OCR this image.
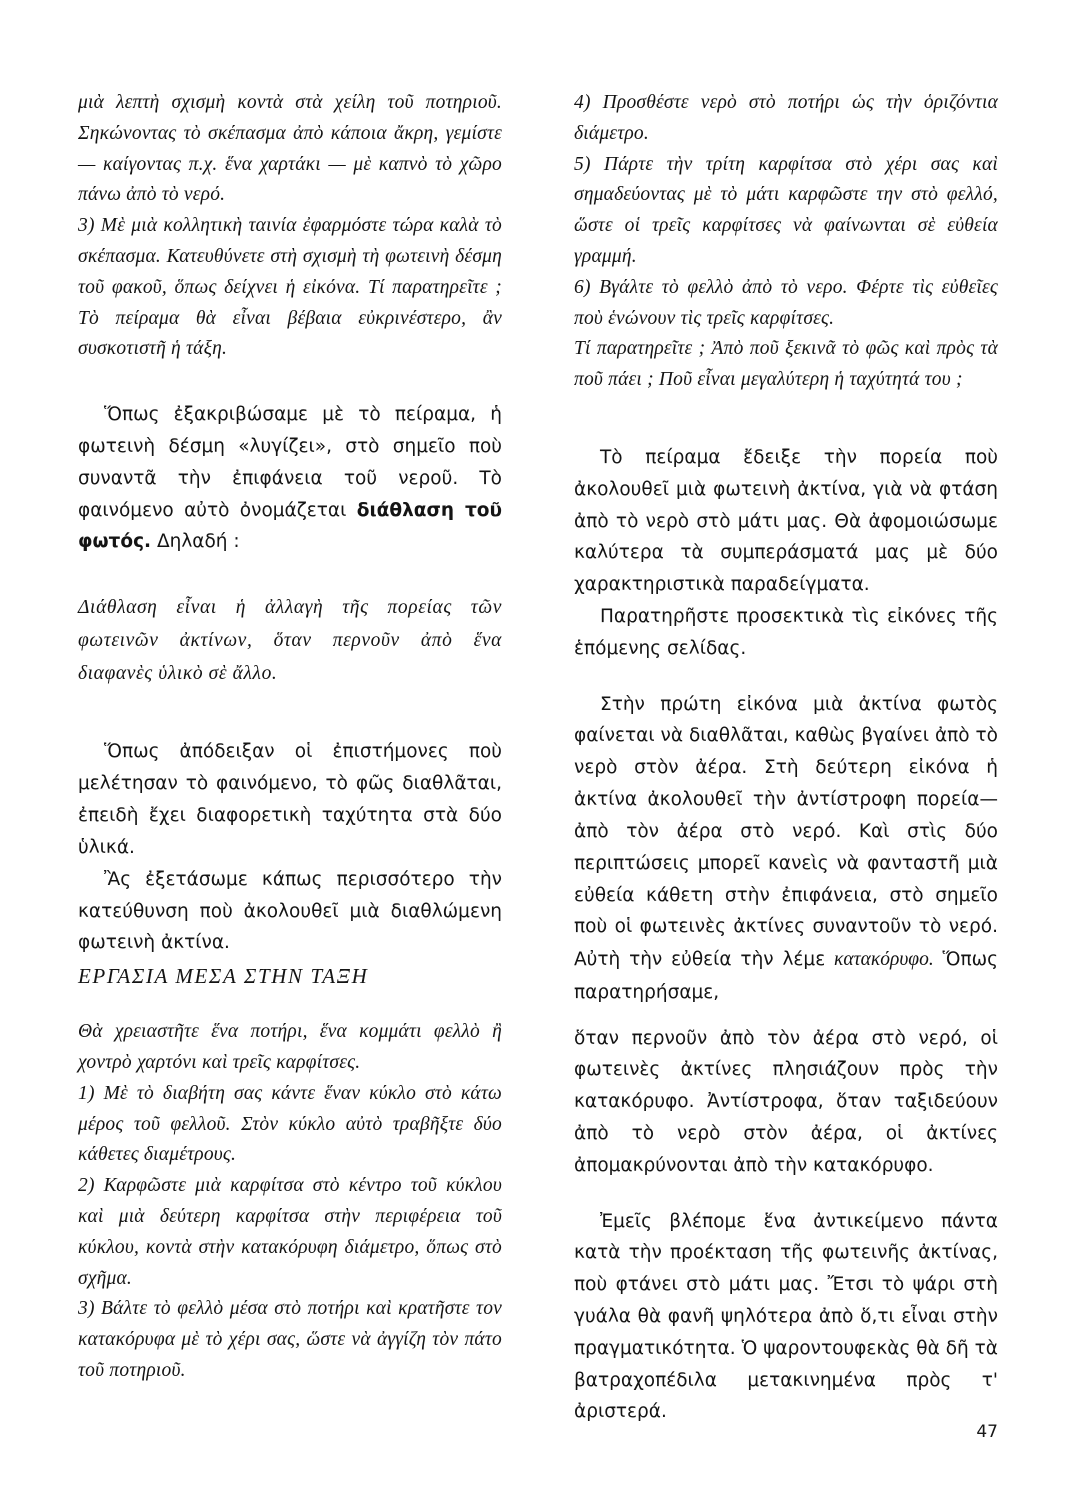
μιὰ λεπτὴ σχισμὴ κοντὰ στὰ χείλη τοῦ ποτηριοῦ. Σηκώνοντας τὸ σκέπασμα ἀπὸ κάποια ἄκρη, γεμίστε — καίγοντας π.χ. ἕνα χαρτάκι — μὲ καπνὸ τὸ χῶρο πάνω ἀπὸ τὸ νερό.

3) Μὲ μιὰ κολλητικὴ ταινία ἐφαρμόστε τώρα καλὰ τὸ σκέπασμα. Κατευθύνετε στὴ σχισμὴ τὴ φωτεινὴ δέσμη τοῦ φακοῦ, ὅπως δείχνει ἡ εἰκόνα. Τί παρατηρεῖτε ; Τὸ πείραμα θὰ εἶναι βέβαια εὐκρινέστερο, ἂν συσκοτιστῆ ἡ τάξη.

Ὅπως ἐξακριβώσαμε μὲ τὸ πείραμα, ἡ φωτεινὴ δέσμη «λυγίζει», στὸ σημεῖο ποὺ συναντᾶ τὴν ἐπιφάνεια τοῦ νεροῦ. Τὸ φαινόμενο αὐτὸ ὀνομάζεται διάθλαση τοῦ φωτός. Δηλαδή :

Διάθλαση εἶναι ἡ ἀλλαγὴ τῆς πορείας τῶν φωτεινῶν ἀκτίνων, ὅταν περνοῦν ἀπὸ ἕνα διαφανὲς ὑλικὸ σὲ ἄλλο.

Ὅπως ἀπόδειξαν οἱ ἐπιστήμονες ποὺ μελέτησαν τὸ φαινόμενο, τὸ φῶς διαθλᾶται, ἐπειδὴ ἔχει διαφορετικὴ ταχύτητα στὰ δύο ὑλικά.

Ἂς ἐξετάσωμε κάπως περισσότερο τὴν κατεύθυνση ποὺ ἀκολουθεῖ μιὰ διαθλώμενη φωτεινὴ ἀκτίνα.

ΕΡΓΑΣΙΑ ΜΕΣΑ ΣΤΗΝ ΤΑΞΗ

Θὰ χρειαστῆτε ἕνα ποτήρι, ἕνα κομμάτι φελλὸ ἢ χοντρὸ χαρτόνι καὶ τρεῖς καρφίτσες.

1) Μὲ τὸ διαβήτη σας κάντε ἕναν κύκλο στὸ κάτω μέρος τοῦ φελλοῦ. Στὸν κύκλο αὐτὸ τραβῆξτε δύο κάθετες διαμέτρους.

2) Καρφῶστε μιὰ καρφίτσα στὸ κέντρο τοῦ κύκλου καὶ μιὰ δεύτερη καρφίτσα στὴν περιφέρεια τοῦ κύκλου, κοντὰ στὴν κατακόρυφη διάμετρο, ὅπως στὸ σχῆμα.

3) Βάλτε τὸ φελλὸ μέσα στὸ ποτήρι καὶ κρατῆστε τον κατακόρυφα μὲ τὸ χέρι σας, ὥστε νὰ ἀγγίζη τὸν πάτο τοῦ ποτηριοῦ.

4) Προσθέστε νερὸ στὸ ποτήρι ὡς τὴν ὁριζόντια διάμετρο.

5) Πάρτε τὴν τρίτη καρφίτσα στὸ χέρι σας καὶ σημαδεύοντας μὲ τὸ μάτι καρφῶστε την στὸ φελλό, ὥστε οἱ τρεῖς καρφίτσες νὰ φαίνωνται σὲ εὐθεία γραμμή.

6) Βγάλτε τὸ φελλὸ ἀπὸ τὸ νερο. Φέρτε τὶς εὐθεῖες ποὺ ἑνώνουν τὶς τρεῖς καρφίτσες.

Τί παρατηρεῖτε ; Ἀπὸ ποῦ ξεκινᾶ τὸ φῶς καὶ πρὸς τὰ ποῦ πάει ; Ποῦ εἶναι μεγαλύτερη ἡ ταχύτητά του ;

Τὸ πείραμα ἔδειξε τὴν πορεία ποὺ ἀκολουθεῖ μιὰ φωτεινὴ ἀκτίνα, γιὰ νὰ φτάση ἀπὸ τὸ νερὸ στὸ μάτι μας. Θὰ ἀφομοιώσωμε καλύτερα τὰ συμπεράσματά μας μὲ δύο χαρακτηριστικὰ παραδείγματα.

Παρατηρῆστε προσεκτικὰ τὶς εἰκόνες τῆς ἑπόμενης σελίδας.

Στὴν πρώτη εἰκόνα μιὰ ἀκτίνα φωτὸς φαίνεται νὰ διαθλᾶται, καθὼς βγαίνει ἀπὸ τὸ νερὸ στὸν ἀέρα. Στὴ δεύτερη εἰκόνα ἡ ἀκτίνα ἀκολουθεῖ τὴν ἀντίστροφη πορεία— ἀπὸ τὸν ἀέρα στὸ νερό. Καὶ στὶς δύο περιπτώσεις μπορεῖ κανεὶς νὰ φανταστῆ μιὰ εὐθεία κάθετη στὴν ἐπιφάνεια, στὸ σημεῖο ποὺ οἱ φωτεινὲς ἀκτίνες συναντοῦν τὸ νερό. Αὐτὴ τὴν εὐθεία τὴν λέμε κατακόρυφο. Ὅπως παρατηρήσαμε,

ὅταν περνοῦν ἀπὸ τὸν ἀέρα στὸ νερό, οἱ φωτεινὲς ἀκτίνες πλησιάζουν πρὸς τὴν κατακόρυφο. Ἀντίστροφα, ὅταν ταξιδεύουν ἀπὸ τὸ νερὸ στὸν ἀέρα, οἱ ἀκτίνες ἀπομακρύνονται ἀπὸ τὴν κατακόρυφο.

Ἐμεῖς βλέπομε ἕνα ἀντικείμενο πάντα κατὰ τὴν προέκταση τῆς φωτεινῆς ἀκτίνας, ποὺ φτάνει στὸ μάτι μας. Ἔτσι τὸ ψάρι στὴ γυάλα θὰ φανῆ ψηλότερα ἀπὸ ὅ,τι εἶναι στὴν πραγματικότητα. Ὁ ψαροντουφεκὰς θὰ δῆ τὰ βατραχοπέδιλα μετακινημένα πρὸς τ' ἀριστερά.

47
